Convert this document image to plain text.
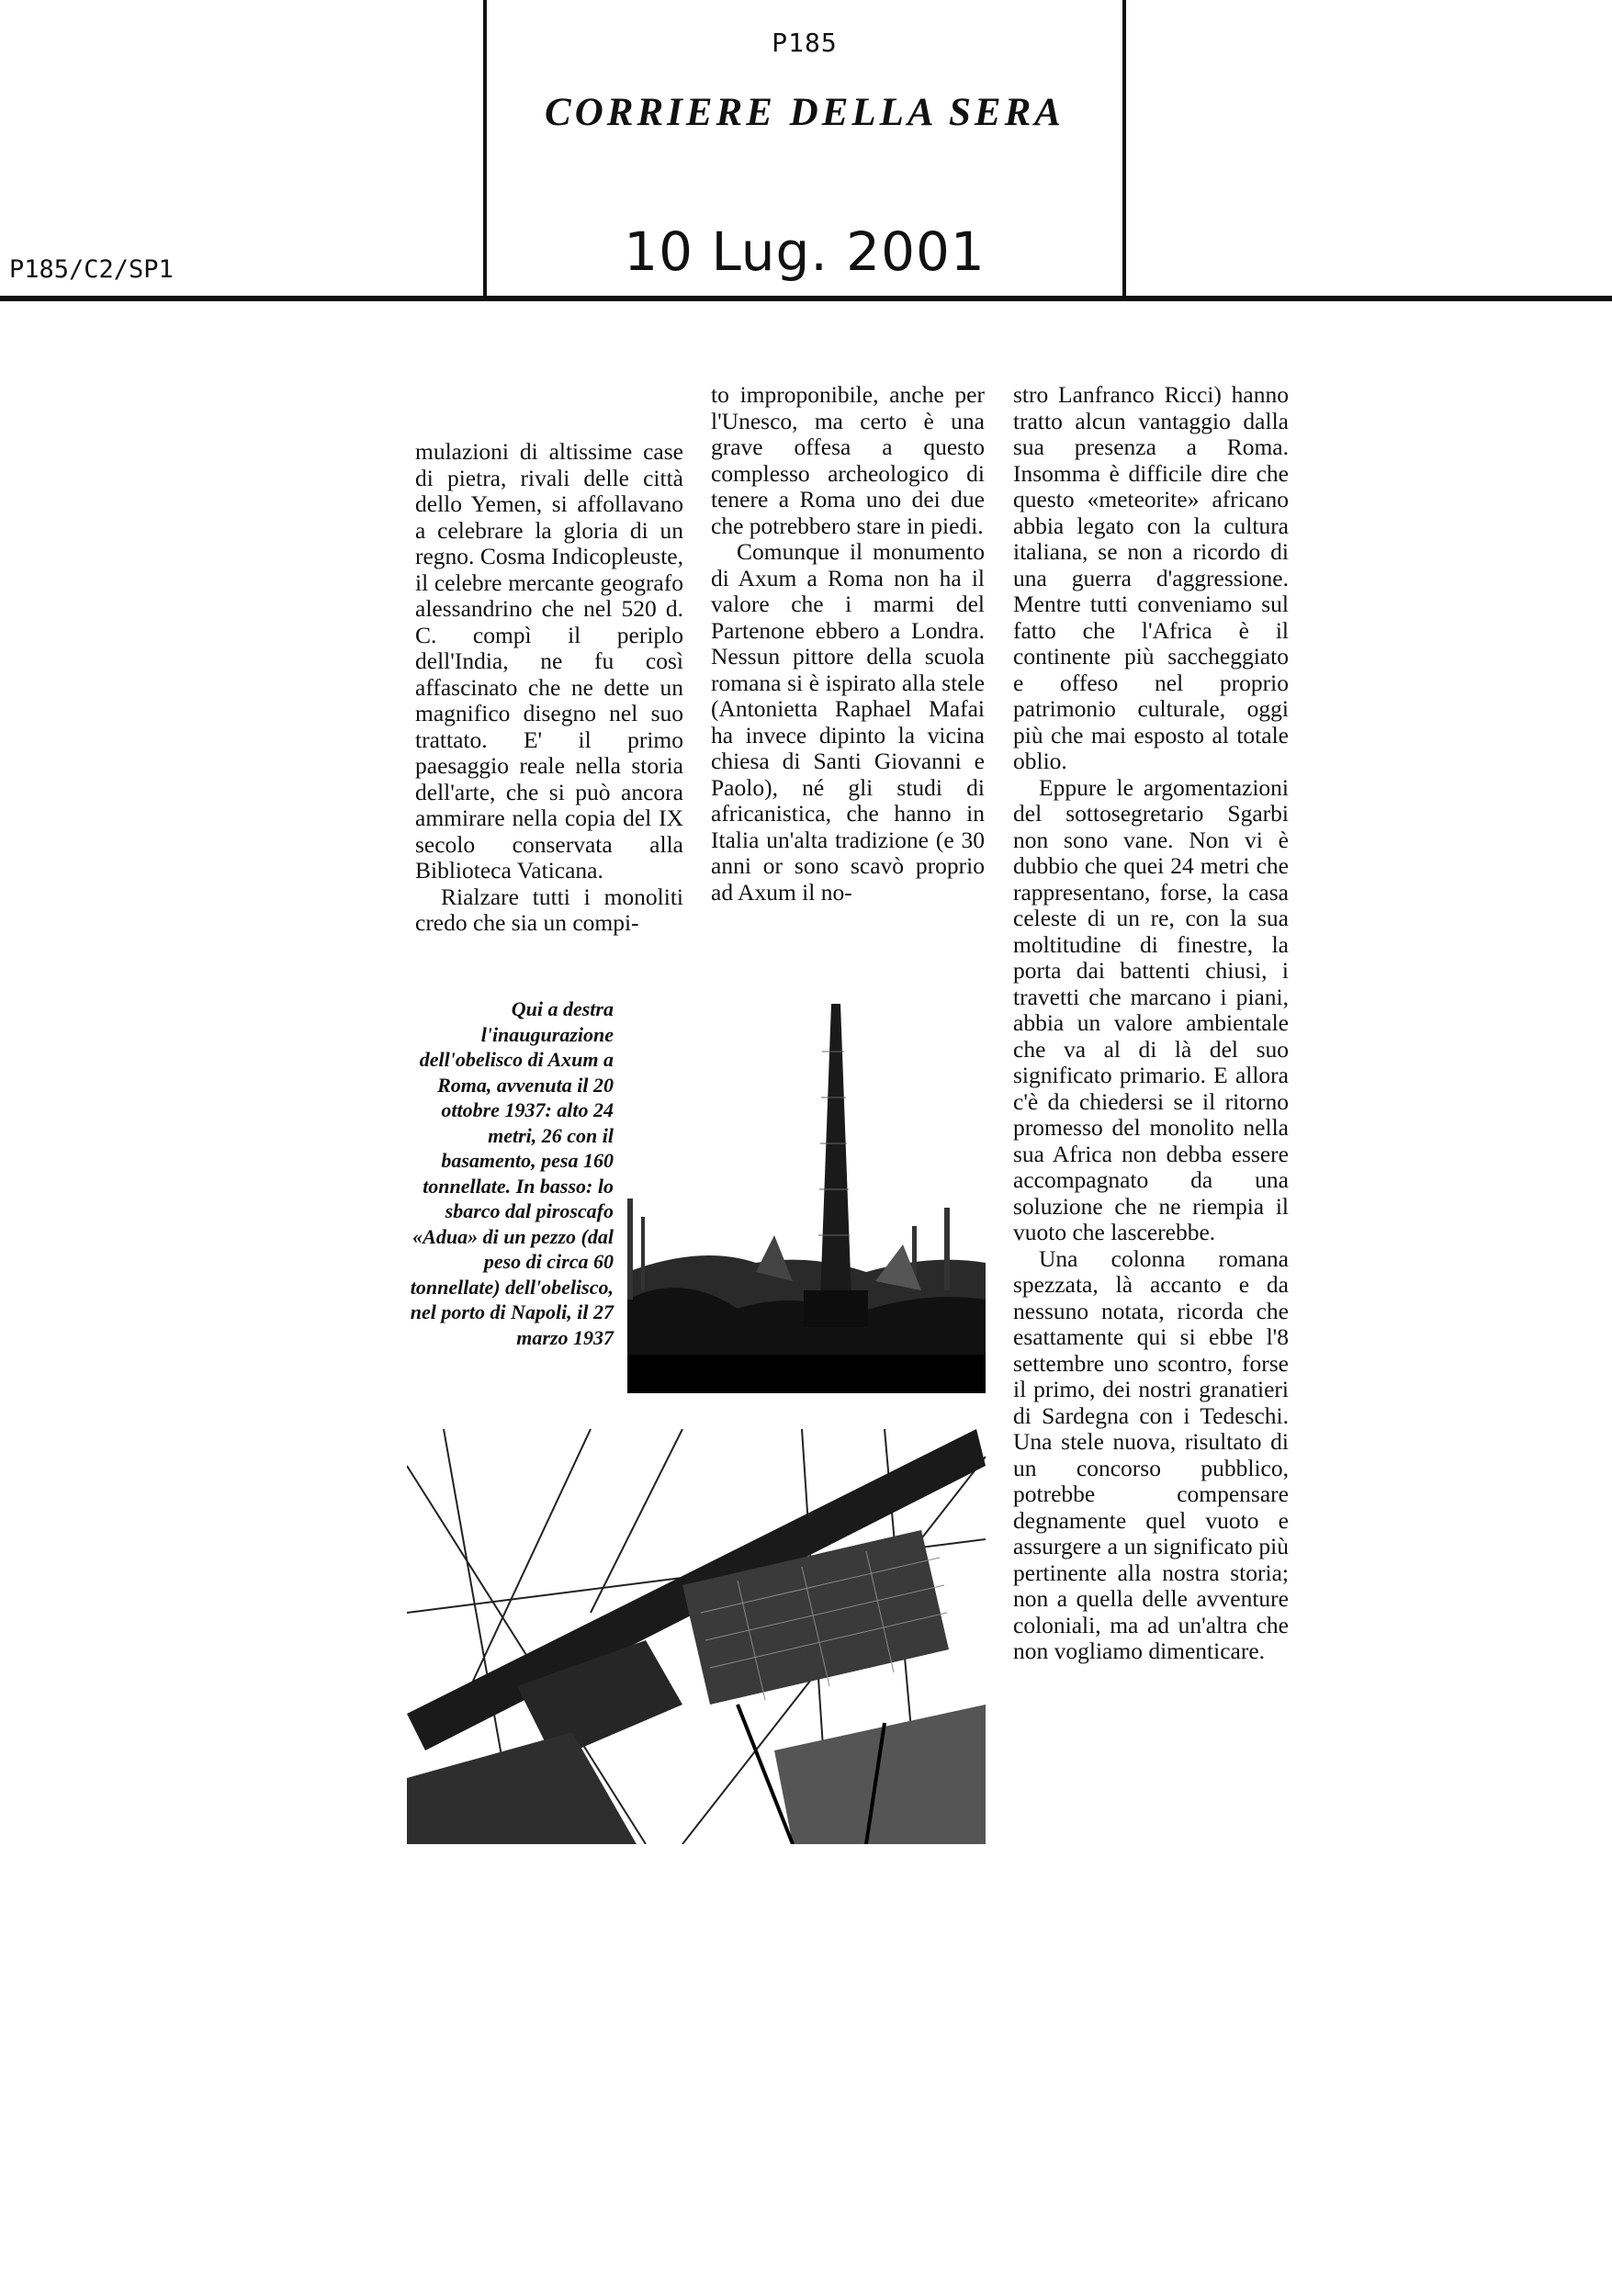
P185
CORRIERE DELLA SERA
10 Lug. 2001
P185/C2/SP1

mulazioni di altissime case di pietra, rivali delle città dello Yemen, si affollavano a celebrare la gloria di un regno. Cosma Indicopleuste, il celebre mercante geografo alessandrino che nel 520 d. C. compì il periplo dell'India, ne fu così affascinato che ne dette un magnifico disegno nel suo trattato. E' il primo paesaggio reale nella storia dell'arte, che si può ancora ammirare nella copia del IX secolo conservata alla Biblioteca Vaticana.

Rialzare tutti i monoliti credo che sia un compi-

to improponibile, anche per l'Unesco, ma certo è una grave offesa a questo complesso archeologico di tenere a Roma uno dei due che potrebbero stare in piedi.

Comunque il monumento di Axum a Roma non ha il valore che i marmi del Partenone ebbero a Londra. Nessun pittore della scuola romana si è ispirato alla stele (Antonietta Raphael Mafai ha invece dipinto la vicina chiesa di Santi Giovanni e Paolo), né gli studi di africanistica, che hanno in Italia un'alta tradizione (e 30 anni or sono scavò proprio ad Axum il no-

stro Lanfranco Ricci) hanno tratto alcun vantaggio dalla sua presenza a Roma. Insomma è difficile dire che questo «meteorite» africano abbia legato con la cultura italiana, se non a ricordo di una guerra d'aggressione. Mentre tutti conveniamo sul fatto che l'Africa è il continente più saccheggiato e offeso nel proprio patrimonio culturale, oggi più che mai esposto al totale oblio.

Eppure le argomentazioni del sottosegretario Sgarbi non sono vane. Non vi è dubbio che quei 24 metri che rappresentano, forse, la casa celeste di un re, con la sua moltitudine di finestre, la porta dai battenti chiusi, i travetti che marcano i piani, abbia un valore ambientale che va al di là del suo significato primario. E allora c'è da chiedersi se il ritorno promesso del monolito nella sua Africa non debba essere accompagnato da una soluzione che ne riempia il vuoto che lascerebbe.

Una colonna romana spezzata, là accanto e da nessuno notata, ricorda che esattamente qui si ebbe l'8 settembre uno scontro, forse il primo, dei nostri granatieri di Sardegna con i Tedeschi. Una stele nuova, risultato di un concorso pubblico, potrebbe compensare degnamente quel vuoto e assurgere a un significato più pertinente alla nostra storia; non a quella delle avventure coloniali, ma ad un'altra che non vogliamo dimenticare.

Qui a destra l'inaugurazione dell'obelisco di Axum a Roma, avvenuta il 20 ottobre 1937: alto 24 metri, 26 con il basamento, pesa 160 tonnellate. In basso: lo sbarco dal piroscafo «Adua» di un pezzo (dal peso di circa 60 tonnellate) dell'obelisco, nel porto di Napoli, il 27 marzo 1937
